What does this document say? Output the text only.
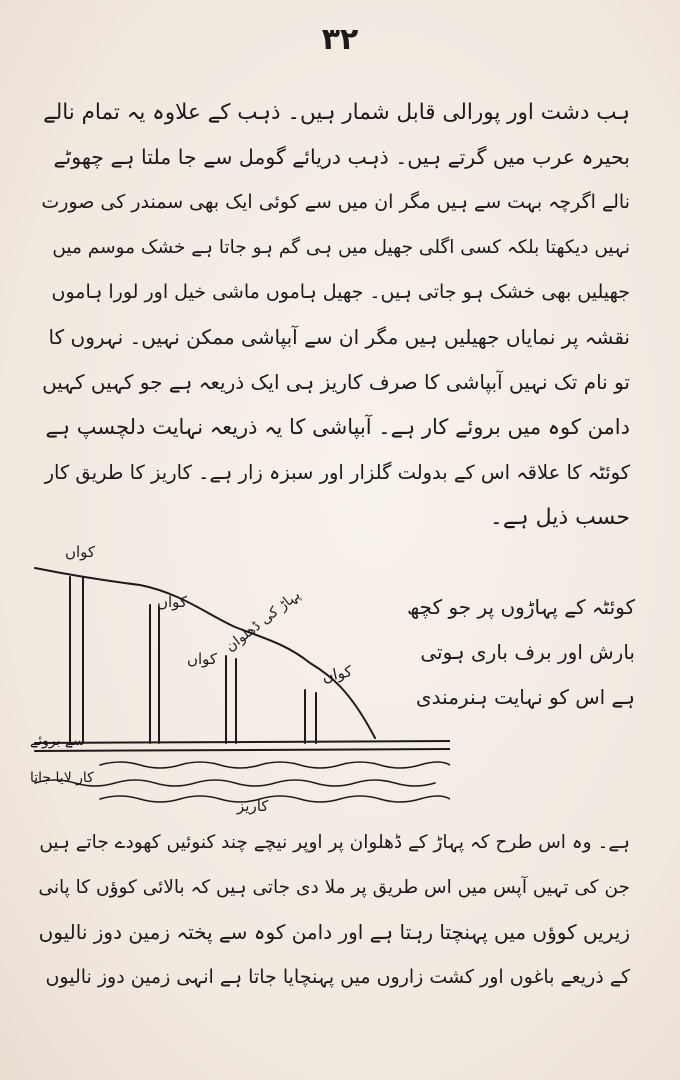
۳۲
ہب دشت اور پورالی قابل شمار ہیں۔ ذہب کے علاوہ یہ تمام نالے
بحیرہ عرب میں گرتے ہیں۔ ذہب دریائے گومل سے جا ملتا ہے چھوٹے
نالے اگرچہ بہت سے ہیں مگر ان میں سے کوئی ایک بھی سمندر کی صورت
نہیں دیکھتا بلکہ کسی اگلی جھیل میں ہی گم ہو جاتا ہے خشک موسم میں
جھیلیں بھی خشک ہو جاتی ہیں۔ جھیل ہاموں ماشی خیل اور لورا ہاموں
نقشہ پر نمایاں جھیلیں ہیں مگر ان سے آبپاشی ممکن نہیں۔ نہروں کا
تو نام تک نہیں آبپاشی کا صرف کاریز ہی ایک ذریعہ ہے جو کہیں کہیں
دامن کوہ میں بروئے کار ہے۔ آبپاشی کا یہ ذریعہ نہایت دلچسپ ہے
کوئٹہ کا علاقہ اس کے بدولت گلزار اور سبزہ زار ہے۔ کاریز کا طریق کار
حسب ذیل ہے۔
کواں
کواں
کواں
کواں
پہاڑ کی ڈھلوان
سے بروئے
کار لایا جاتا
کاریز
کوئٹہ کے پہاڑوں پر جو کچھ
بارش اور برف باری ہوتی
ہے اس کو نہایت ہنرمندی
ہے۔ وہ اس طرح کہ پہاڑ کے ڈھلوان پر اوپر نیچے چند کنوئیں کھودے جاتے ہیں
جن کی تہیں آپس میں اس طریق پر ملا دی جاتی ہیں کہ بالائی کوؤں کا پانی
زیریں کوؤں میں پہنچتا رہتا ہے اور دامن کوہ سے پختہ زمین دوز نالیوں
کے ذریعے باغوں اور کشت زاروں میں پہنچایا جاتا ہے انہی زمین دوز نالیوں
